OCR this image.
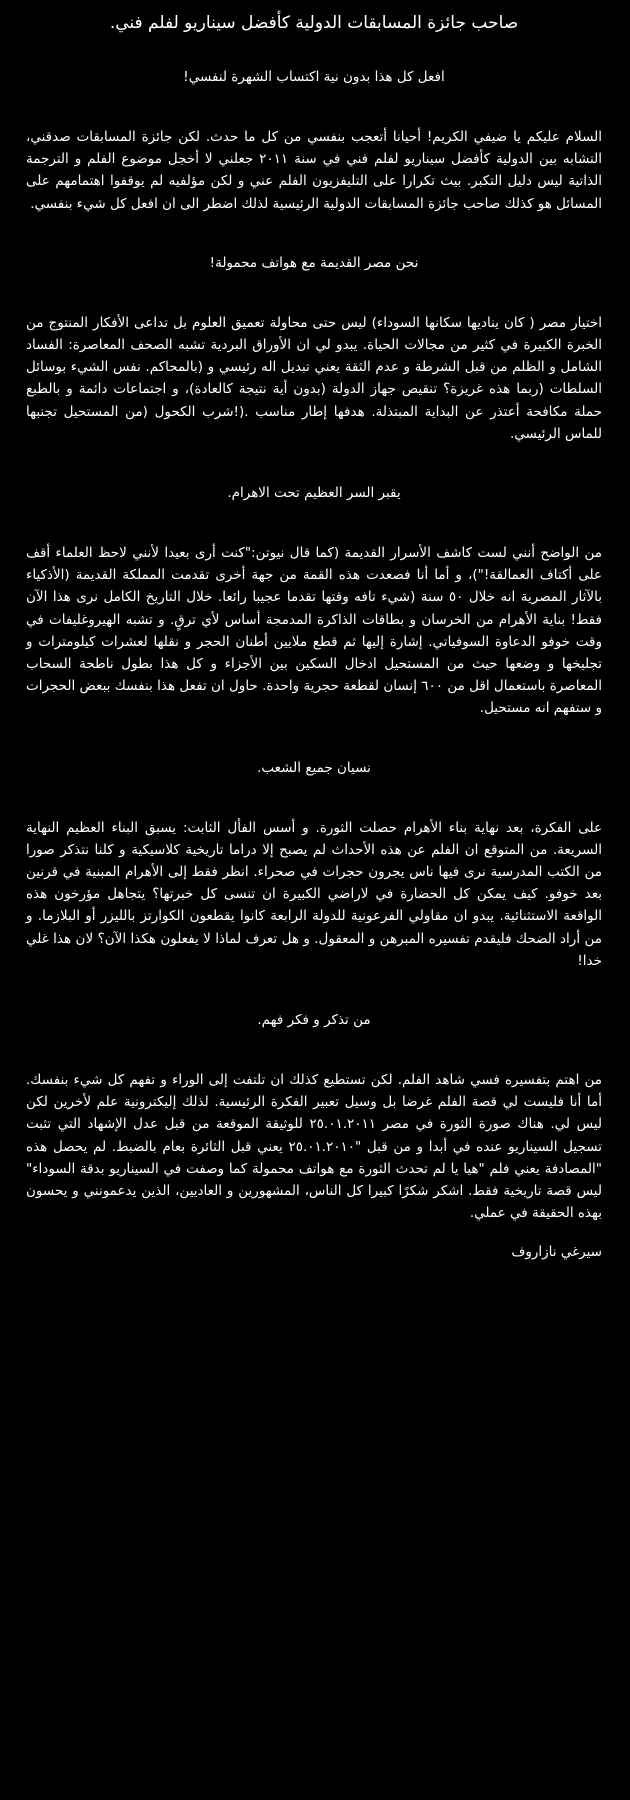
صاحب جائزة المسابقات الدولية كأفضل سيناريو لفلم فني.
افعل كل هذا بدون نية اكتساب الشهرة لنفسي!

السلام عليكم يا ضيفي الكريم! أحيانا أتعجب بنفسي من كل ما حدث. لكن جائزة المسابقات صدقني، التشابه بين الدولية كأفضل سيناريو لفلم فني في سنة ٢٠١١ جعلني لا أخجل موضوع الفلم و الترجمة الذاتية ليس دليل التكبر. بيث تكرارا على التليفزيون الفلم عني و لكن مؤلفيه لم يوقفوا اهتمامهم على المسائل هو كذلك صاحب جائزة المسابقات الدولية الرئيسية لذلك اضطر الى ان افعل كل شيء بنفسي.

نحن مصر القديمة مع هواتف محمولة!

اختيار مصر ( كان يناديها سكانها السوداء) ليس حتى محاولة تعميق العلوم بل تداعى الأفكار المنتوج من الخبرة الكبيرة في كثير من مجالات الحياة. يبدو لي ان الأوراق البردية تشبه الصحف المعاصرة: الفساد الشامل و الظلم من قبل الشرطة و عدم الثقة يعني تبديل اله رئيسي و (بالمحاكم. نفس الشيء بوسائل السلطات (ربما هذه غريزة؟ تنقيص جهاز الدولة (بدون أية نتيجة كالعادة)، و اجتماعات دائمة و بالطبع حملة مكافحة أعتذر عن البداية المبتذلة. هدفها إطار مناسب .(!شرب الكحول (من المستحيل تجنبها للماس الرئيسي.

يقبر السر العظيم تحت الاهرام.

من الواضح أنني لست كاشف الأسرار القديمة (كما قال نيوتن:"كنت أرى بعيدا لأنني لاحظ العلماء أقف على أكتاف العمالقة!")، و أما أنا فصعدت هذه القمة من جهة أخرى تقدمت المملكة القديمة (الأذكياء بالآثار المصرية انه خلال ٥٠ سنة (شيء تافه وقتها تقدما عجيبا رائعا. خلال التاريخ الكامل نرى هذا الآن فقط! بناية الأهرام من الخرسان و بطاقات الذاكرة المدمجة أساس لأي ترقٍ. و تشبه الهيروغليفات في وقت خوفو الدعاوة السوفياتي. إشارة إليها ثم قطع ملايين أطنان الحجر و نقلها لعشرات كيلومترات و تجليخها و وضعها حيث من المستحيل ادخال السكين بين الأجزاء و كل هذا بطول ناطحة السحاب المعاصرة باستعمال اقل من ٦٠٠ إنسان لقطعة حجرية واحدة. حاول ان تفعل هذا بنفسك ببعض الحجرات و ستفهم انه مستحيل.

نسيان جميع الشعب.

على الفكرة، بعد نهاية بناء الأهرام حصلت الثورة. و أسس الفأل الثابت: يسبق البناء العظيم النهاية السريعة. من المتوقع ان الفلم عن هذه الأحداث لم يصبح إلا دراما تاريخية كلاسيكية و كلنا نتذكر صورا من الكتب المدرسية نرى فيها ناس يجرون حجرات في صحراء. انظر فقط إلى الأهرام المبنية في قرنين بعد خوفو. كيف يمكن كل الحضارة في لاراضي الكبيرة ان تنسى كل خبرتها؟ يتجاهل مؤرخون هذه الواقعة الاستثنائية. يبدو ان مقاولي الفرعونية للدولة الرابعة كانوا يقطعون الكوارتز بالليزر أو البلازما. و من أراد الضحك فليقدم تفسيره المبرهن و المعقول. و هل تعرف لماذا لا يفعلون هكذا الآن؟ لان هذا غلي خدا!

من تذكر و فكر فهم.

من اهتم بتفسيره فسي شاهد الفلم. لكن تستطيع كذلك ان تلتفت إلى الوراء و تفهم كل شيء بنفسك. أما أنا فليست لي قصة الفلم غرضا بل وسيل تعبير الفكرة الرئيسية. لذلك إليكترونية علم لأخرين لكن ليس لي. هناك صورة الثورة في مصر ٢٥.٠١.٢٠١١ للوثيقة الموقعة من قبل عدل الإشهاد التي تثبت تسجيل السيناريو عنده في أبدا و من قبل "٢٥.٠١.٢٠١٠ يعني قبل الثائرة بعام بالضبط. لم يحصل هذه "المصادفة يعني فلم "هيا يا لم تحدث الثورة مع هواتف محمولة كما وصفت في السيناريو بدقة السوداء" ليس قصة تاريخية فقط. اشكر شكرًا كبيرا كل الناس، المشهورين و العاديين، الذين يدعمونني و يحسون بهذه الحقيقة في عملي.

سيرغي نازاروف
